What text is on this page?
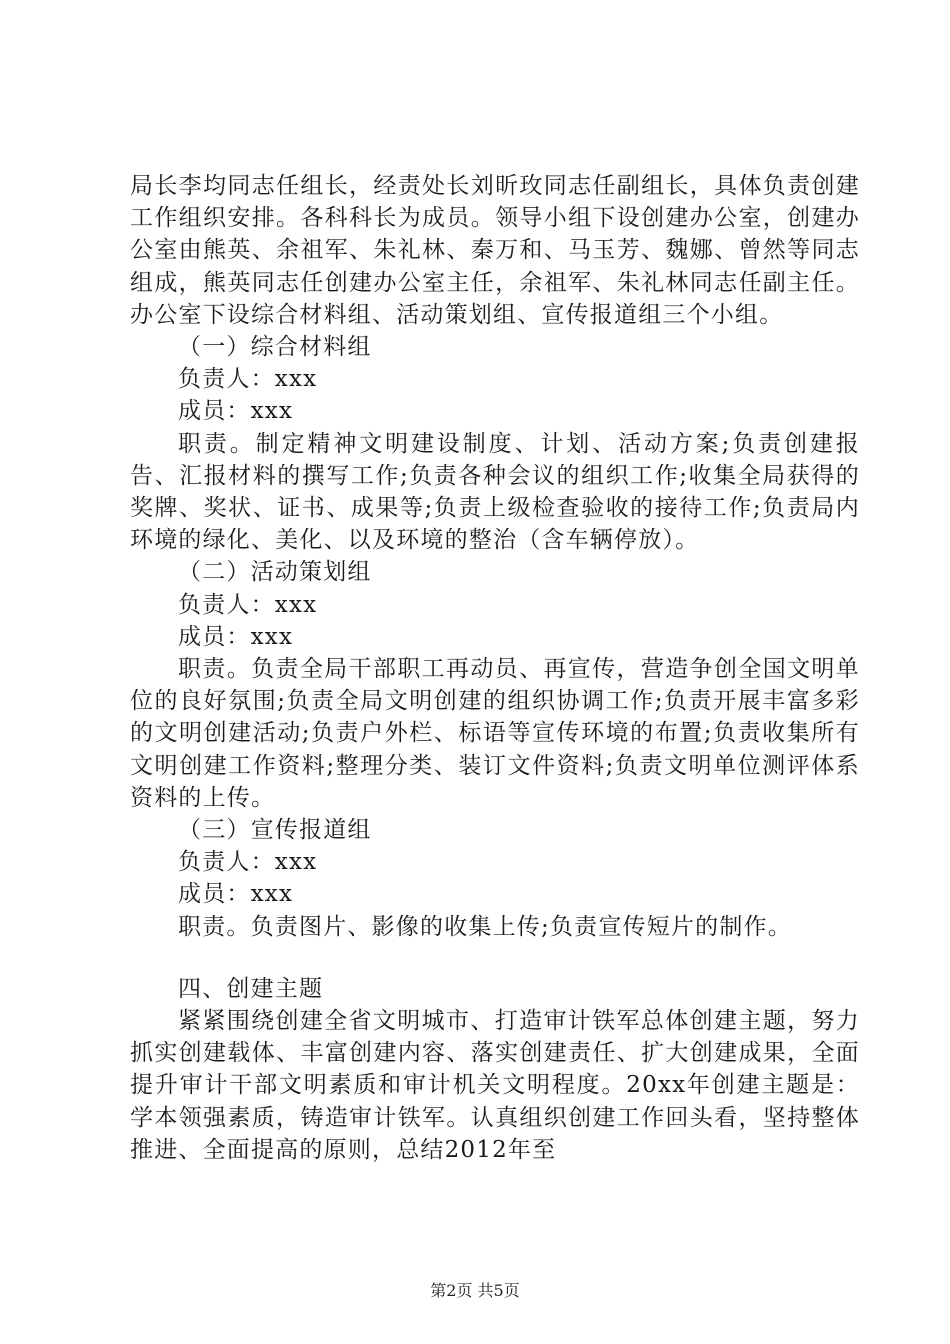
局长李均同志任组长，经责处长刘昕玫同志任副组长，具体负责创建工作组织安排。各科科长为成员。领导小组下设创建办公室，创建办公室由熊英、余祖军、朱礼林、秦万和、马玉芳、魏娜、曾然等同志组成，熊英同志任创建办公室主任，余祖军、朱礼林同志任副主任。办公室下设综合材料组、活动策划组、宣传报道组三个小组。

（一）综合材料组

负责人：xxx

成员：xxx

职责。制定精神文明建设制度、计划、活动方案;负责创建报告、汇报材料的撰写工作;负责各种会议的组织工作;收集全局获得的奖牌、奖状、证书、成果等;负责上级检查验收的接待工作;负责局内环境的绿化、美化、以及环境的整治（含车辆停放）。

（二）活动策划组

负责人：xxx

成员：xxx

职责。负责全局干部职工再动员、再宣传，营造争创全国文明单位的良好氛围;负责全局文明创建的组织协调工作;负责开展丰富多彩的文明创建活动;负责户外栏、标语等宣传环境的布置;负责收集所有文明创建工作资料;整理分类、装订文件资料;负责文明单位测评体系资料的上传。

（三）宣传报道组

负责人：xxx

成员：xxx

职责。负责图片、影像的收集上传;负责宣传短片的制作。

四、创建主题

紧紧围绕创建全省文明城市、打造审计铁军总体创建主题，努力抓实创建载体、丰富创建内容、落实创建责任、扩大创建成果，全面提升审计干部文明素质和审计机关文明程度。20xx年创建主题是：学本领强素质，铸造审计铁军。认真组织创建工作回头看，坚持整体推进、全面提高的原则，总结2012年至

第2页 共5页
